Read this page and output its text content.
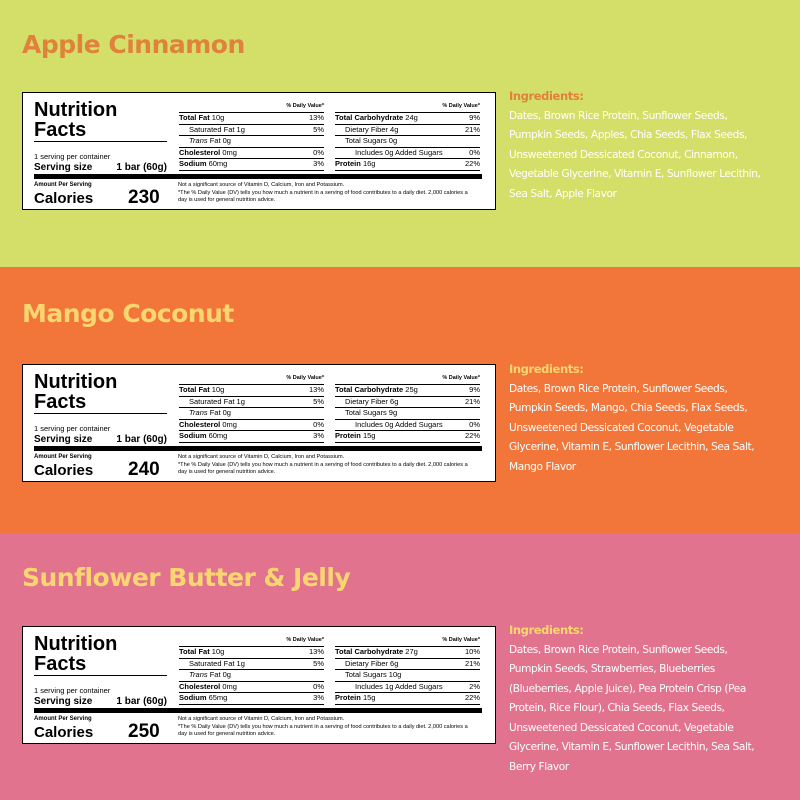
Apple Cinnamon
Nutrition Facts
1 serving per container
Serving size 1 bar (60g)
Amount Per Serving
Calories 230
Not a significant source of Vitamin D, Calcium, Iron and Potassium.
*The % Daily Value (DV) tells you how much a nutrient in a serving of food contributes to a daily diet. 2,000 calories a day is used for general nutrition advice.
% Daily Value*
Total Fat 10g	13%
Saturated Fat 1g	5%
Trans Fat 0g
Cholesterol 0mg	0%
Sodium 60mg	3%
% Daily Value*
Total Carbohydrate 24g	9%
Dietary Fiber 4g	21%
Total Sugars 0g
Includes 0g Added Sugars	0%
Protein 16g	22%
Ingredients:
Dates, Brown Rice Protein, Sunflower Seeds, Pumpkin Seeds, Apples, Chia Seeds, Flax Seeds, Unsweetened Dessicated Coconut, Cinnamon, Vegetable Glycerine, Vitamin E, Sunflower Lecithin, Sea Salt, Apple Flavor
Mango Coconut
Nutrition Facts
1 serving per container
Serving size 1 bar (60g)
Amount Per Serving
Calories 240
Not a significant source of Vitamin D, Calcium, Iron and Potassium.
*The % Daily Value (DV) tells you how much a nutrient in a serving of food contributes to a daily diet. 2,000 calories a day is used for general nutrition advice.
% Daily Value*
Total Fat 10g	13%
Saturated Fat 1g	5%
Trans Fat 0g
Cholesterol 0mg	0%
Sodium 60mg	3%
% Daily Value*
Total Carbohydrate 25g	9%
Dietary Fiber 6g	21%
Total Sugars 9g
Includes 0g Added Sugars	0%
Protein 15g	22%
Ingredients:
Dates, Brown Rice Protein, Sunflower Seeds, Pumpkin Seeds, Mango, Chia Seeds, Flax Seeds, Unsweetened Dessicated Coconut, Vegetable Glycerine, Vitamin E, Sunflower Lecithin, Sea Salt, Mango Flavor
Sunflower Butter & Jelly
Nutrition Facts
1 serving per container
Serving size 1 bar (60g)
Amount Per Serving
Calories 250
Not a significant source of Vitamin D, Calcium, Iron and Potassium.
*The % Daily Value (DV) tells you how much a nutrient in a serving of food contributes to a daily diet. 2,000 calories a day is used for general nutrition advice.
% Daily Value*
Total Fat 10g	13%
Saturated Fat 1g	5%
Trans Fat 0g
Cholesterol 0mg	0%
Sodium 65mg	3%
% Daily Value*
Total Carbohydrate 27g	10%
Dietary Fiber 6g	21%
Total Sugars 10g
Includes 1g Added Sugars	2%
Protein 15g	22%
Ingredients:
Dates, Brown Rice Protein, Sunflower Seeds, Pumpkin Seeds, Strawberries, Blueberries (Blueberries, Apple Juice), Pea Protein Crisp (Pea Protein, Rice Flour), Chia Seeds, Flax Seeds, Unsweetened Dessicated Coconut, Vegetable Glycerine, Vitamin E, Sunflower Lecithin, Sea Salt, Berry Flavor
